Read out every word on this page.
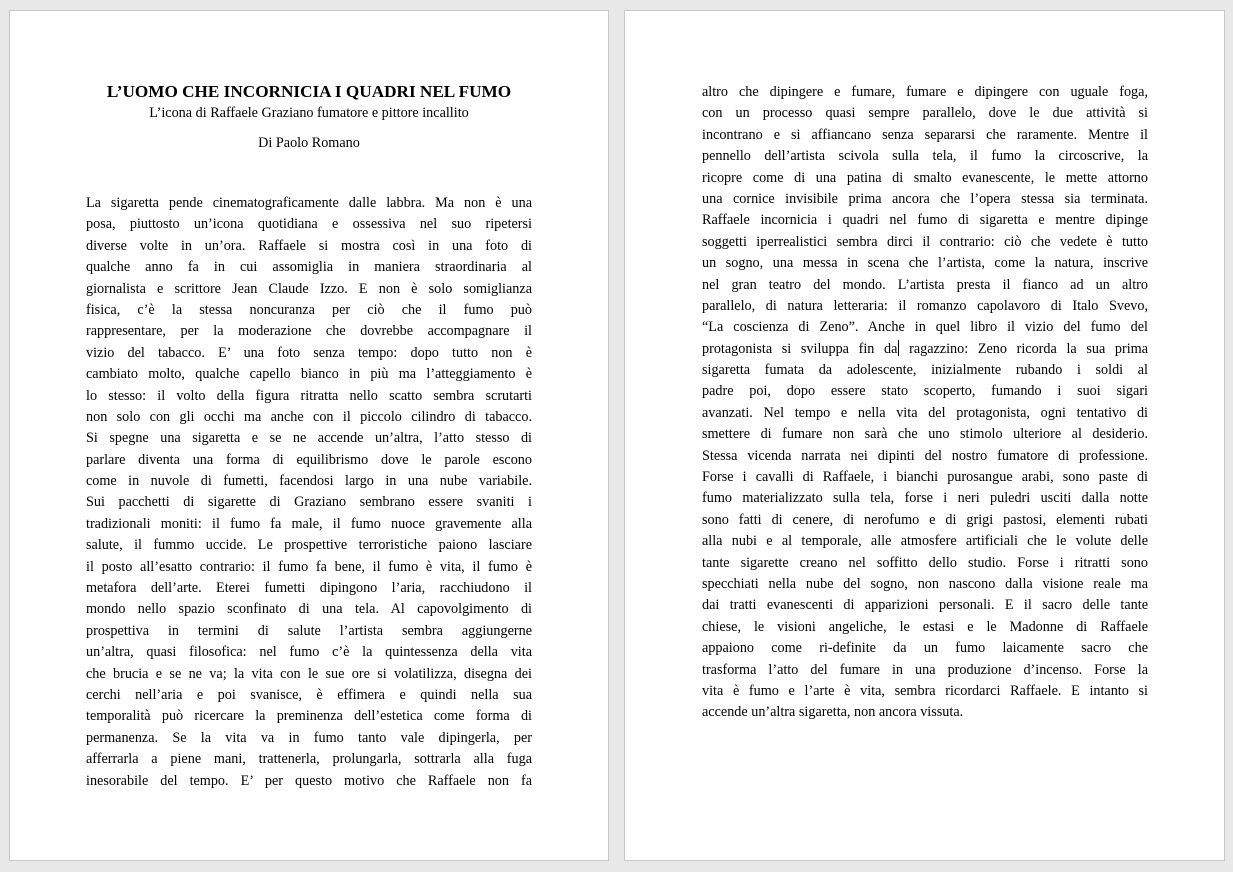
L’UOMO CHE INCORNICIA I QUADRI NEL FUMO

L’icona di Raffaele Graziano fumatore e pittore incallito

Di Paolo Romano

La sigaretta pende cinematograficamente dalle labbra. Ma non è una
posa, piuttosto un’icona quotidiana e ossessiva nel suo ripetersi
diverse volte in un’ora. Raffaele si mostra così in una foto di
qualche anno fa in cui assomiglia in maniera straordinaria al
giornalista e scrittore Jean Claude Izzo. E non è solo somiglianza
fisica, c’è la stessa noncuranza per ciò che il fumo può
rappresentare, per la moderazione che dovrebbe accompagnare il
vizio del tabacco. E’ una foto senza tempo: dopo tutto non è
cambiato molto, qualche capello bianco in più ma l’atteggiamento è
lo stesso: il volto della figura ritratta nello scatto sembra scrutarti
non solo con gli occhi ma anche con il piccolo cilindro di tabacco.
Si spegne una sigaretta e se ne accende un’altra, l’atto stesso di
parlare diventa una forma di equilibrismo dove le parole escono
come in nuvole di fumetti, facendosi largo in una nube variabile.
Sui pacchetti di sigarette di Graziano sembrano essere svaniti i
tradizionali moniti: il fumo fa male, il fumo nuoce gravemente alla
salute, il fummo uccide. Le prospettive terroristiche paiono lasciare
il posto all’esatto contrario: il fumo fa bene, il fumo è vita, il fumo è
metafora dell’arte. Eterei fumetti dipingono l’aria, racchiudono il
mondo nello spazio sconfinato di una tela. Al capovolgimento di
prospettiva in termini di salute l’artista sembra aggiungerne
un’altra, quasi filosofica: nel fumo c’è la quintessenza della vita
che brucia e se ne va; la vita con le sue ore si volatilizza, disegna dei
cerchi nell’aria e poi svanisce, è effimera e quindi nella sua
temporalità può ricercare la preminenza dell’estetica come forma di
permanenza. Se la vita va in fumo tanto vale dipingerla, per
afferrarla a piene mani, trattenerla, prolungarla, sottrarla alla fuga
inesorabile del tempo. E’ per questo motivo che Raffaele non fa
altro che dipingere e fumare, fumare e dipingere con uguale foga,
con un processo quasi sempre parallelo, dove le due attività si
incontrano e si affiancano senza separarsi che raramente. Mentre il
pennello dell’artista scivola sulla tela, il fumo la circoscrive, la
ricopre come di una patina di smalto evanescente, le mette attorno
una cornice invisibile prima ancora che l’opera stessa sia terminata.
Raffaele incornicia i quadri nel fumo di sigaretta e mentre dipinge
soggetti iperrealistici sembra dirci il contrario: ciò che vedete è tutto
un sogno, una messa in scena che l’artista, come la natura, inscrive
nel gran teatro del mondo. L’artista presta il fianco ad un altro
parallelo, di natura letteraria: il romanzo capolavoro di Italo Svevo,
“La coscienza di Zeno”. Anche in quel libro il vizio del fumo del
protagonista si sviluppa fin da ragazzino: Zeno ricorda la sua prima
sigaretta fumata da adolescente, inizialmente rubando i soldi al
padre poi, dopo essere stato scoperto, fumando i suoi sigari
avanzati. Nel tempo e nella vita del protagonista, ogni tentativo di
smettere di fumare non sarà che uno stimolo ulteriore al desiderio.
Stessa vicenda narrata nei dipinti del nostro fumatore di professione.
Forse i cavalli di Raffaele, i bianchi purosangue arabi, sono paste di
fumo materializzato sulla tela, forse i neri puledri usciti dalla notte
sono fatti di cenere, di nerofumo e di grigi pastosi, elementi rubati
alla nubi e al temporale, alle atmosfere artificiali che le volute delle
tante sigarette creano nel soffitto dello studio. Forse i ritratti sono
specchiati nella nube del sogno, non nascono dalla visione reale ma
dai tratti evanescenti di apparizioni personali. E il sacro delle tante
chiese, le visioni angeliche, le estasi e le Madonne di Raffaele
appaiono come ri-definite da un fumo laicamente sacro che
trasforma l’atto del fumare in una produzione d’incenso. Forse la
vita è fumo e l’arte è vita, sembra ricordarci Raffaele. E intanto si
accende un’altra sigaretta, non ancora vissuta.
